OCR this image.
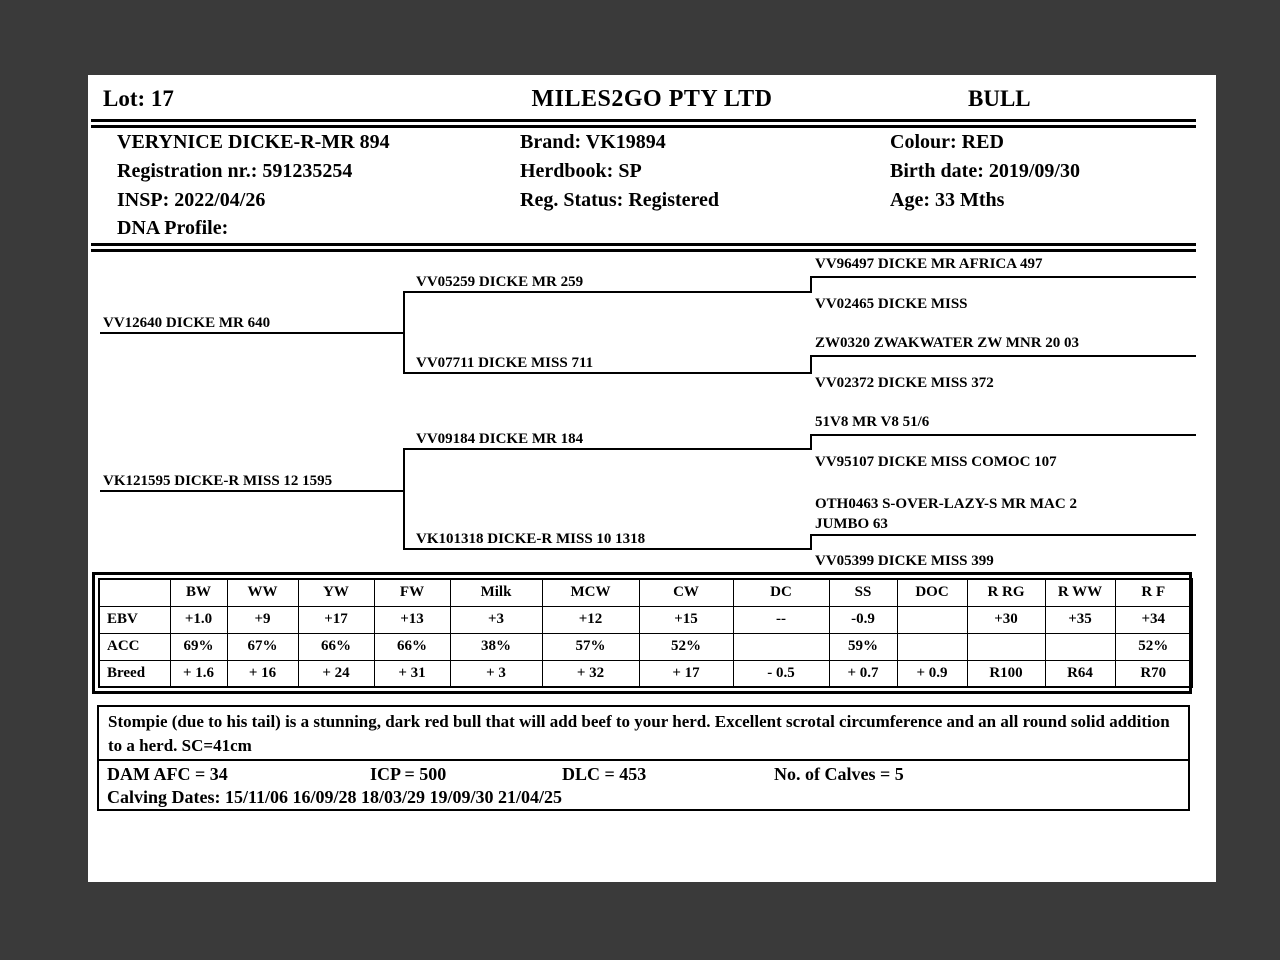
Lot: 17	MILES2GO PTY LTD	BULL
VERYNICE DICKE-R-MR 894
Registration nr.: 591235254
INSP: 2022/04/26
DNA Profile:
Brand: VK19894
Herdbook: SP
Reg. Status: Registered
Colour: RED
Birth date: 2019/09/30
Age: 33 Mths
VV12640 DICKE MR 640
VK121595 DICKE-R MISS 12 1595
VV05259 DICKE MR 259
VV07711 DICKE MISS 711
VV09184 DICKE MR 184
VK101318 DICKE-R MISS 10 1318
VV96497 DICKE MR AFRICA 497
VV02465 DICKE MISS
ZW0320 ZWAKWATER ZW MNR 20 03
VV02372 DICKE MISS 372
51V8 MR V8 51/6
VV95107 DICKE MISS COMOC 107
OTH0463 S-OVER-LAZY-S MR MAC 2 JUMBO 63
VV05399 DICKE MISS 399
	BW	WW	YW	FW	Milk	MCW	CW	DC	SS	DOC	R RG	R WW	R F
EBV	+1.0	+9	+17	+13	+3	+12	+15	--	-0.9		+30	+35	+34
ACC	69%	67%	66%	66%	38%	57%	52%		59%				52%
Breed	+ 1.6	+ 16	+ 24	+ 31	+ 3	+ 32	+ 17	- 0.5	+ 0.7	+ 0.9	R100	R64	R70
Stompie (due to his tail) is a stunning, dark red bull that will add beef to your herd. Excellent scrotal circumference and an all round solid addition to a herd. SC=41cm
DAM AFC = 34	ICP = 500	DLC = 453	No. of Calves = 5
Calving Dates: 15/11/06 16/09/28 18/03/29 19/09/30 21/04/25
